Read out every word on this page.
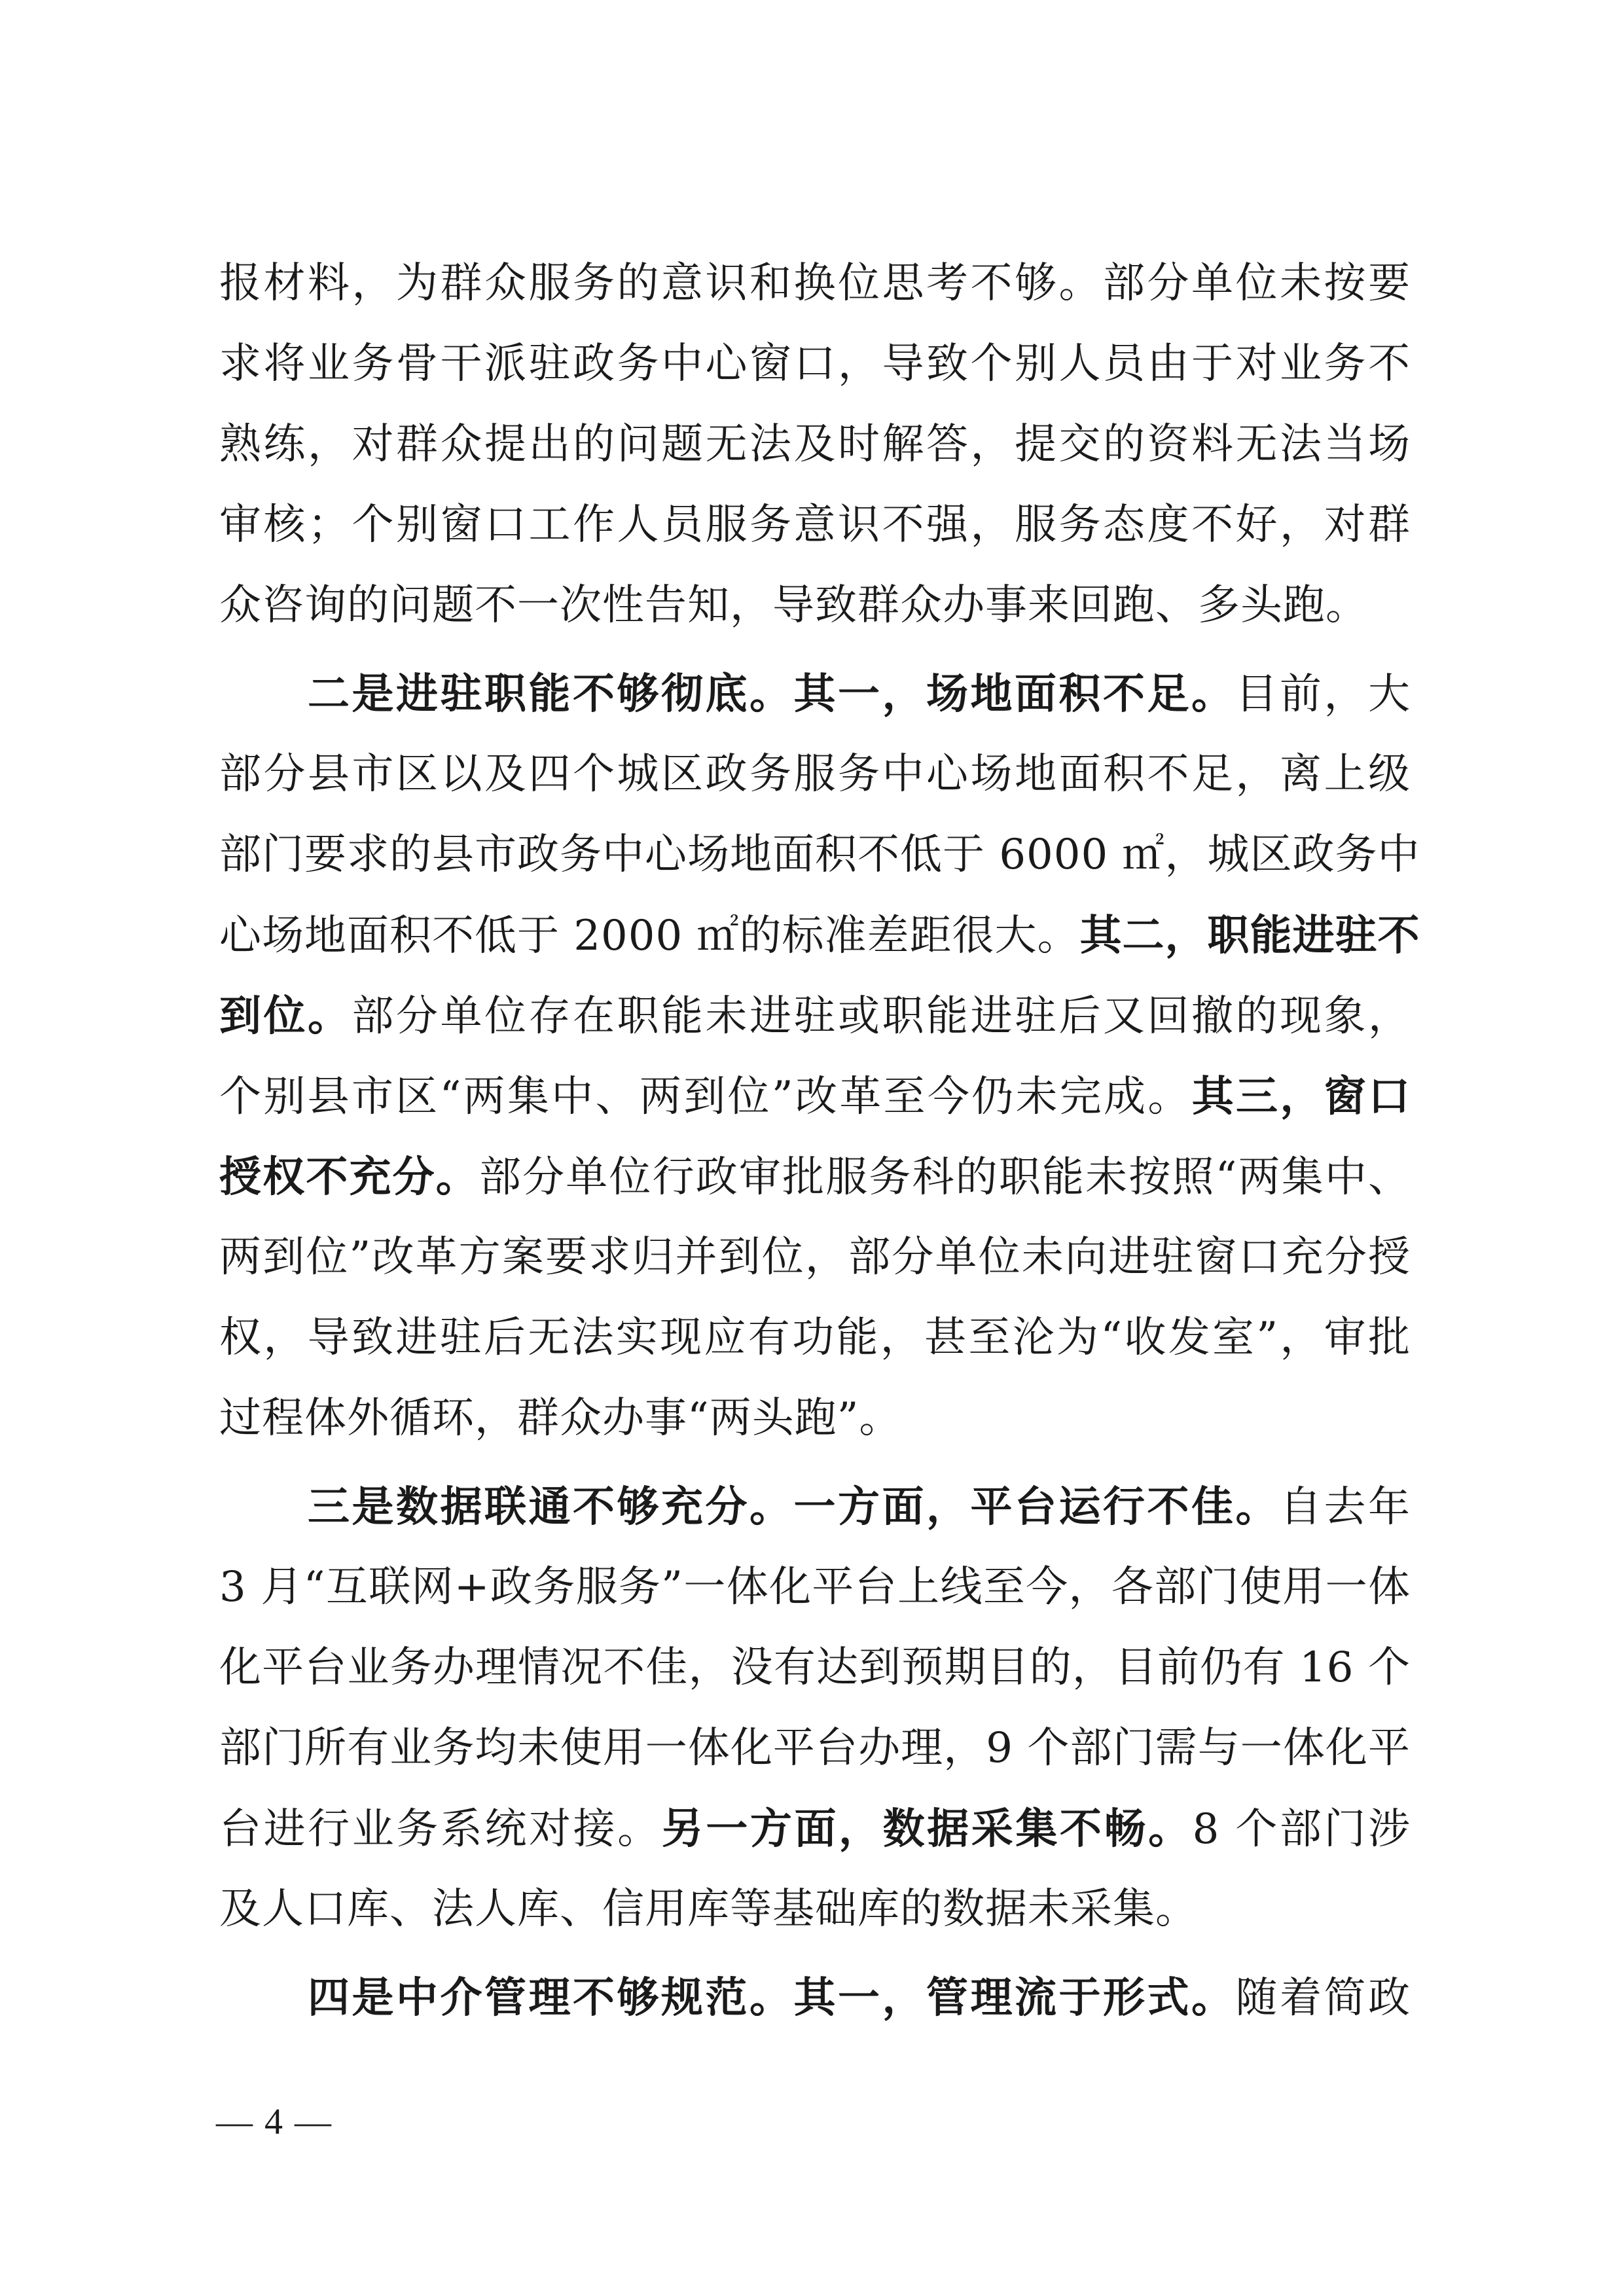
报材料，为群众服务的意识和换位思考不够。部分单位未按要
求将业务骨干派驻政务中心窗口，导致个别人员由于对业务不
熟练，对群众提出的问题无法及时解答，提交的资料无法当场
审核；个别窗口工作人员服务意识不强，服务态度不好，对群
众咨询的问题不一次性告知，导致群众办事来回跑、多头跑。
　　二是进驻职能不够彻底。其一，场地面积不足。目前，大
部分县市区以及四个城区政务服务中心场地面积不足，离上级
部门要求的县市政务中心场地面积不低于 6000 ㎡，城区政务中
心场地面积不低于 2000 ㎡的标准差距很大。其二，职能进驻不
到位。部分单位存在职能未进驻或职能进驻后又回撤的现象，
个别县市区“两集中、两到位”改革至今仍未完成。其三，窗口
授权不充分。部分单位行政审批服务科的职能未按照“两集中、
两到位”改革方案要求归并到位，部分单位未向进驻窗口充分授
权，导致进驻后无法实现应有功能，甚至沦为“收发室”，审批
过程体外循环，群众办事“两头跑”。
　　三是数据联通不够充分。一方面，平台运行不佳。自去年
3 月“互联网+政务服务”一体化平台上线至今，各部门使用一体
化平台业务办理情况不佳，没有达到预期目的，目前仍有 16 个
部门所有业务均未使用一体化平台办理，9 个部门需与一体化平
台进行业务系统对接。另一方面，数据采集不畅。8 个部门涉
及人口库、法人库、信用库等基础库的数据未采集。
　　四是中介管理不够规范。其一，管理流于形式。随着简政
— 4 —
